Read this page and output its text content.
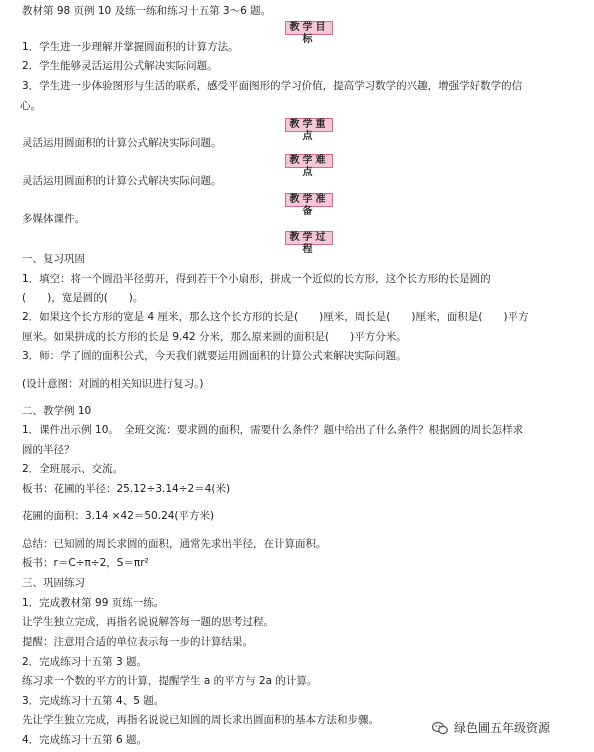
教材第 98 页例 10 及练一练和练习十五第 3～6 题。
教学目标
1．学生进一步理解并掌握圆面积的计算方法。
2．学生能够灵活运用公式解决实际问题。
3．学生进一步体验图形与生活的联系，感受平面图形的学习价值，提高学习数学的兴趣，增强学好数学的信
心。
教学重点
灵活运用圆面积的计算公式解决实际问题。
教学难点
灵活运用圆面积的计算公式解决实际问题。
教学准备
多媒体课件。
教学过程
一、复习巩固
1．填空：将一个圆沿半径剪开，得到若干个小扇形，拼成一个近似的长方形，这个长方形的长是圆的
(　　)，宽是圆的(　　)。
2．如果这个长方形的宽是 4 厘米，那么这个长方形的长是(　　)厘米，周长是(　　)厘米，面积是(　　)平方
厘米。如果拼成的长方形的长是 9.42 分米，那么原来圆的面积是(　　)平方分米。
3．师：学了圆的面积公式，今天我们就要运用圆面积的计算公式来解决实际问题。
(设计意图：对圆的相关知识进行复习。)
二、教学例 10
1．课件出示例 10。　全班交流：要求圆的面积，需要什么条件？题中给出了什么条件？根据圆的周长怎样求
圆的半径？
2．全班展示、交流。
板书：花圃的半径：25.12÷3.14÷2＝4(米)
花圃的面积：3.14 ×42＝50.24(平方米)
总结：已知圆的周长求圆的面积，通常先求出半径，在计算面积。
板书：r＝C÷π÷2，S＝πr²
三、巩固练习
1．完成教材第 99 页练一练。
让学生独立完成，再指名说说解答每一题的思考过程。
提醒：注意用合适的单位表示每一步的计算结果。
2．完成练习十五第 3 题。
练习求一个数的平方的计算，提醒学生 a 的平方与 2a 的计算。
3．完成练习十五第 4、5 题。
先让学生独立完成，再指名说说已知圆的周长求出圆面积的基本方法和步骤。
4．完成练习十五第 6 题。
绿色圃五年级资源
